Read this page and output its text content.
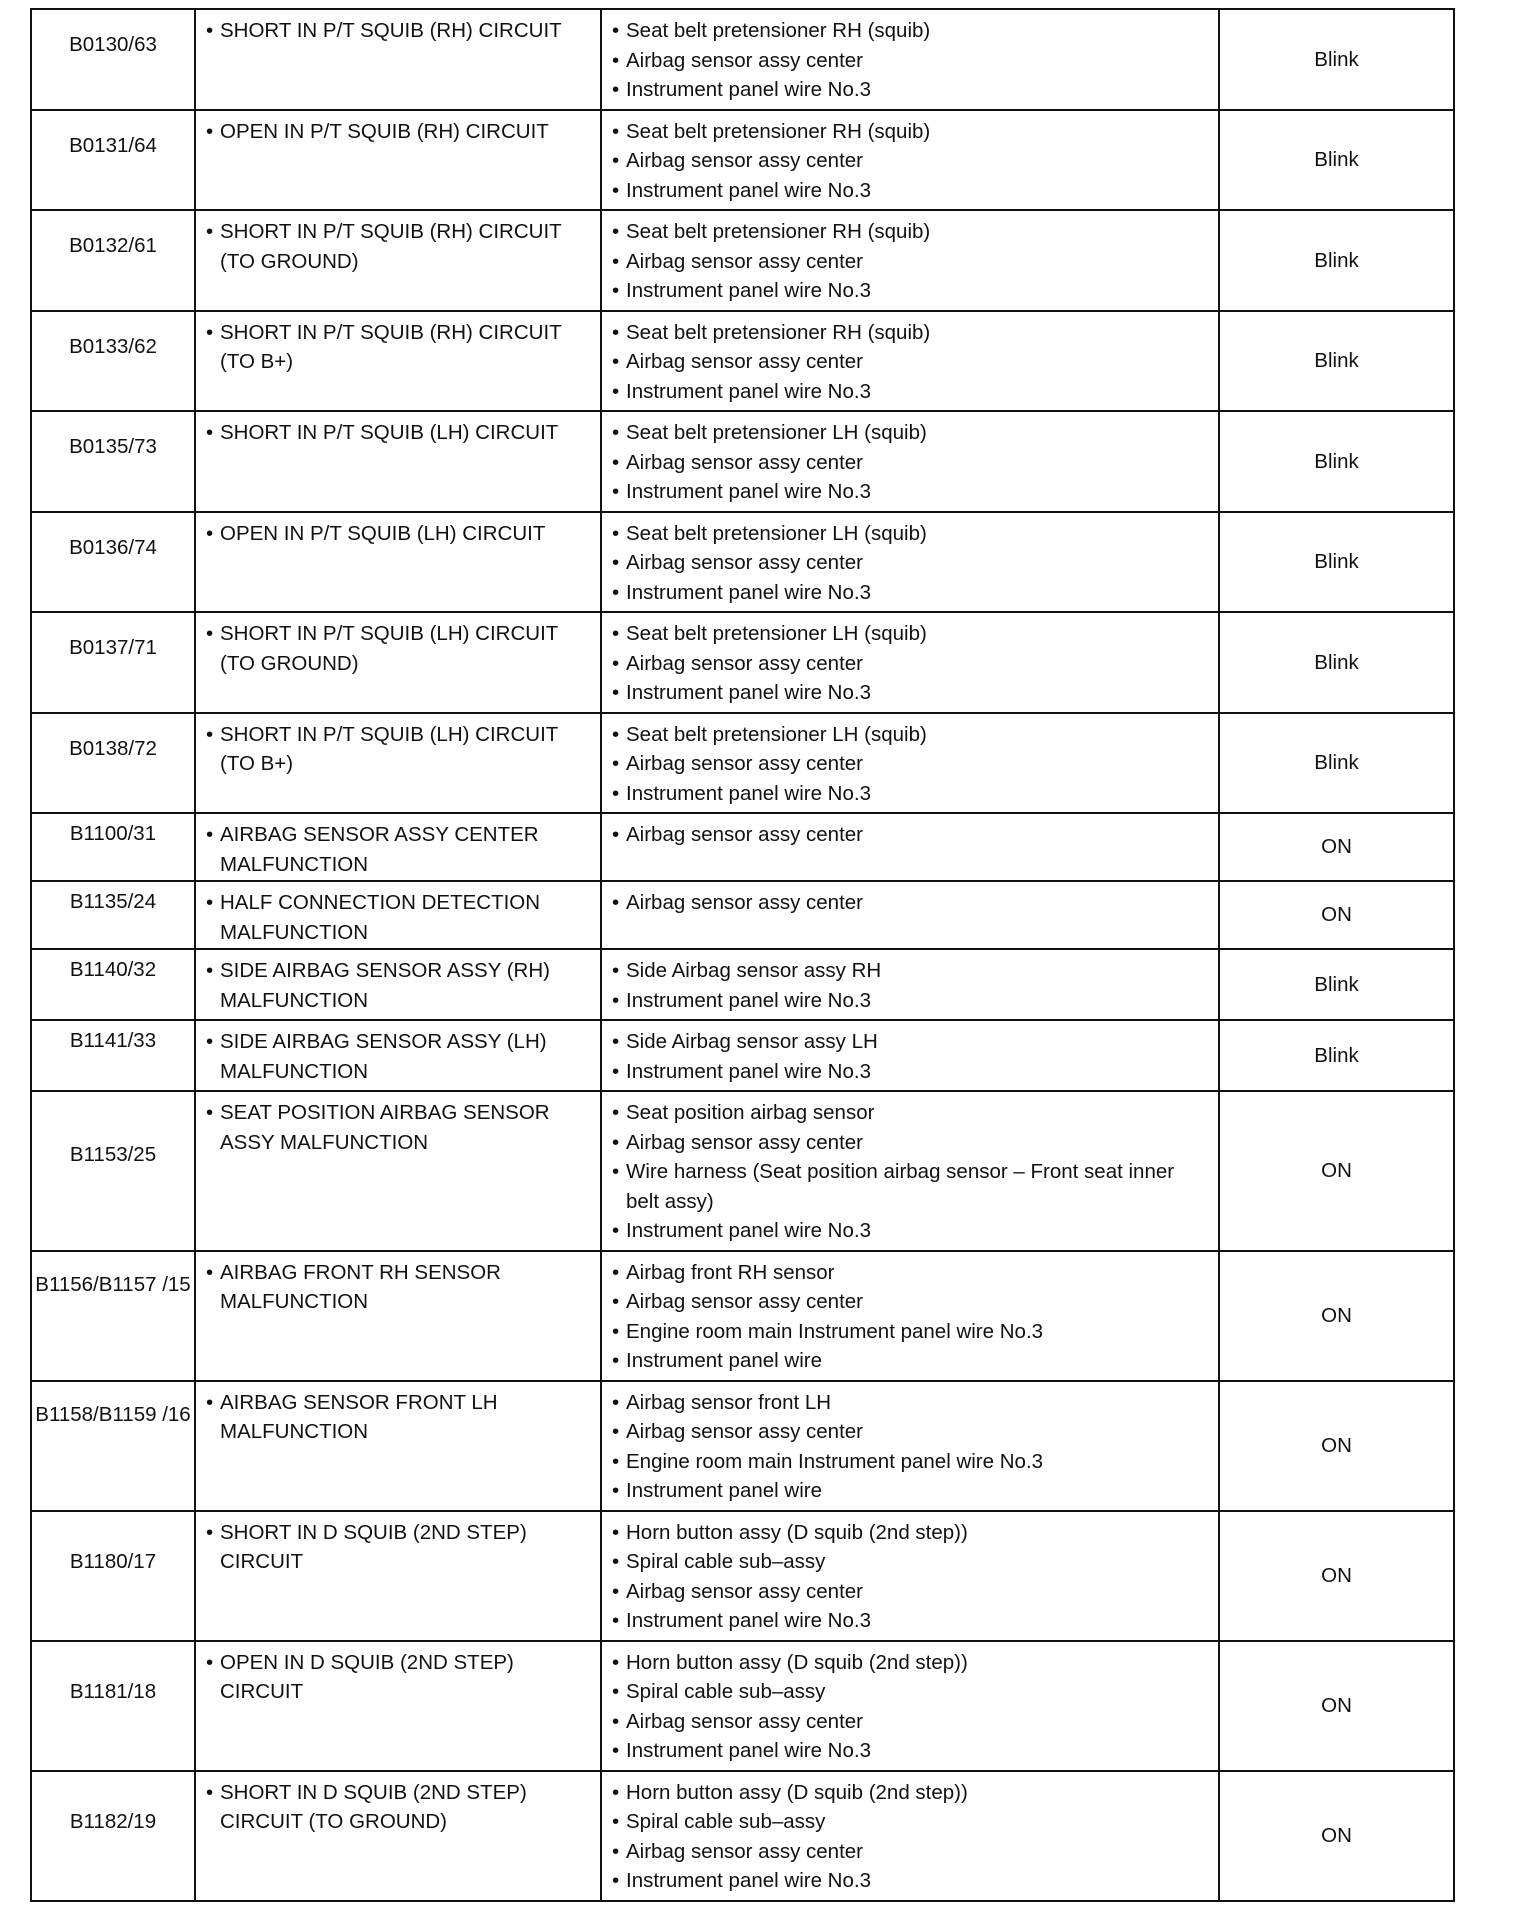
B0130/63	• SHORT IN P/T SQUIB (RH) CIRCUIT	• Seat belt pretensioner RH (squib)
• Airbag sensor assy center
• Instrument panel wire No.3	Blink
B0131/64	• OPEN IN P/T SQUIB (RH) CIRCUIT	• Seat belt pretensioner RH (squib)
• Airbag sensor assy center
• Instrument panel wire No.3	Blink
B0132/61	• SHORT IN P/T SQUIB (RH) CIRCUIT (TO GROUND)	• Seat belt pretensioner RH (squib)
• Airbag sensor assy center
• Instrument panel wire No.3	Blink
B0133/62	• SHORT IN P/T SQUIB (RH) CIRCUIT (TO B+)	• Seat belt pretensioner RH (squib)
• Airbag sensor assy center
• Instrument panel wire No.3	Blink
B0135/73	• SHORT IN P/T SQUIB (LH) CIRCUIT	• Seat belt pretensioner LH (squib)
• Airbag sensor assy center
• Instrument panel wire No.3	Blink
B0136/74	• OPEN IN P/T SQUIB (LH) CIRCUIT	• Seat belt pretensioner LH (squib)
• Airbag sensor assy center
• Instrument panel wire No.3	Blink
B0137/71	• SHORT IN P/T SQUIB (LH) CIRCUIT (TO GROUND)	• Seat belt pretensioner LH (squib)
• Airbag sensor assy center
• Instrument panel wire No.3	Blink
B0138/72	• SHORT IN P/T SQUIB (LH) CIRCUIT (TO B+)	• Seat belt pretensioner LH (squib)
• Airbag sensor assy center
• Instrument panel wire No.3	Blink
B1100/31	• AIRBAG SENSOR ASSY CENTER MALFUNCTION	• Airbag sensor assy center	ON
B1135/24	• HALF CONNECTION DETECTION MALFUNCTION	• Airbag sensor assy center	ON
B1140/32	• SIDE AIRBAG SENSOR ASSY (RH) MALFUNCTION	• Side Airbag sensor assy RH
• Instrument panel wire No.3	Blink
B1141/33	• SIDE AIRBAG SENSOR ASSY (LH) MALFUNCTION	• Side Airbag sensor assy LH
• Instrument panel wire No.3	Blink
B1153/25	• SEAT POSITION AIRBAG SENSOR ASSY MALFUNCTION	• Seat position airbag sensor
• Airbag sensor assy center
• Wire harness (Seat position airbag sensor – Front seat inner belt assy)
• Instrument panel wire No.3	ON
B1156/B1157 /15	• AIRBAG FRONT RH SENSOR MALFUNCTION	• Airbag front RH sensor
• Airbag sensor assy center
• Engine room main Instrument panel wire No.3
• Instrument panel wire	ON
B1158/B1159 /16	• AIRBAG SENSOR FRONT LH MALFUNCTION	• Airbag sensor front LH
• Airbag sensor assy center
• Engine room main Instrument panel wire No.3
• Instrument panel wire	ON
B1180/17	• SHORT IN D SQUIB (2ND STEP) CIRCUIT	• Horn button assy (D squib (2nd step))
• Spiral cable sub–assy
• Airbag sensor assy center
• Instrument panel wire No.3	ON
B1181/18	• OPEN IN D SQUIB (2ND STEP) CIRCUIT	• Horn button assy (D squib (2nd step))
• Spiral cable sub–assy
• Airbag sensor assy center
• Instrument panel wire No.3	ON
B1182/19	• SHORT IN D SQUIB (2ND STEP) CIRCUIT (TO GROUND)	• Horn button assy (D squib (2nd step))
• Spiral cable sub–assy
• Airbag sensor assy center
• Instrument panel wire No.3	ON
